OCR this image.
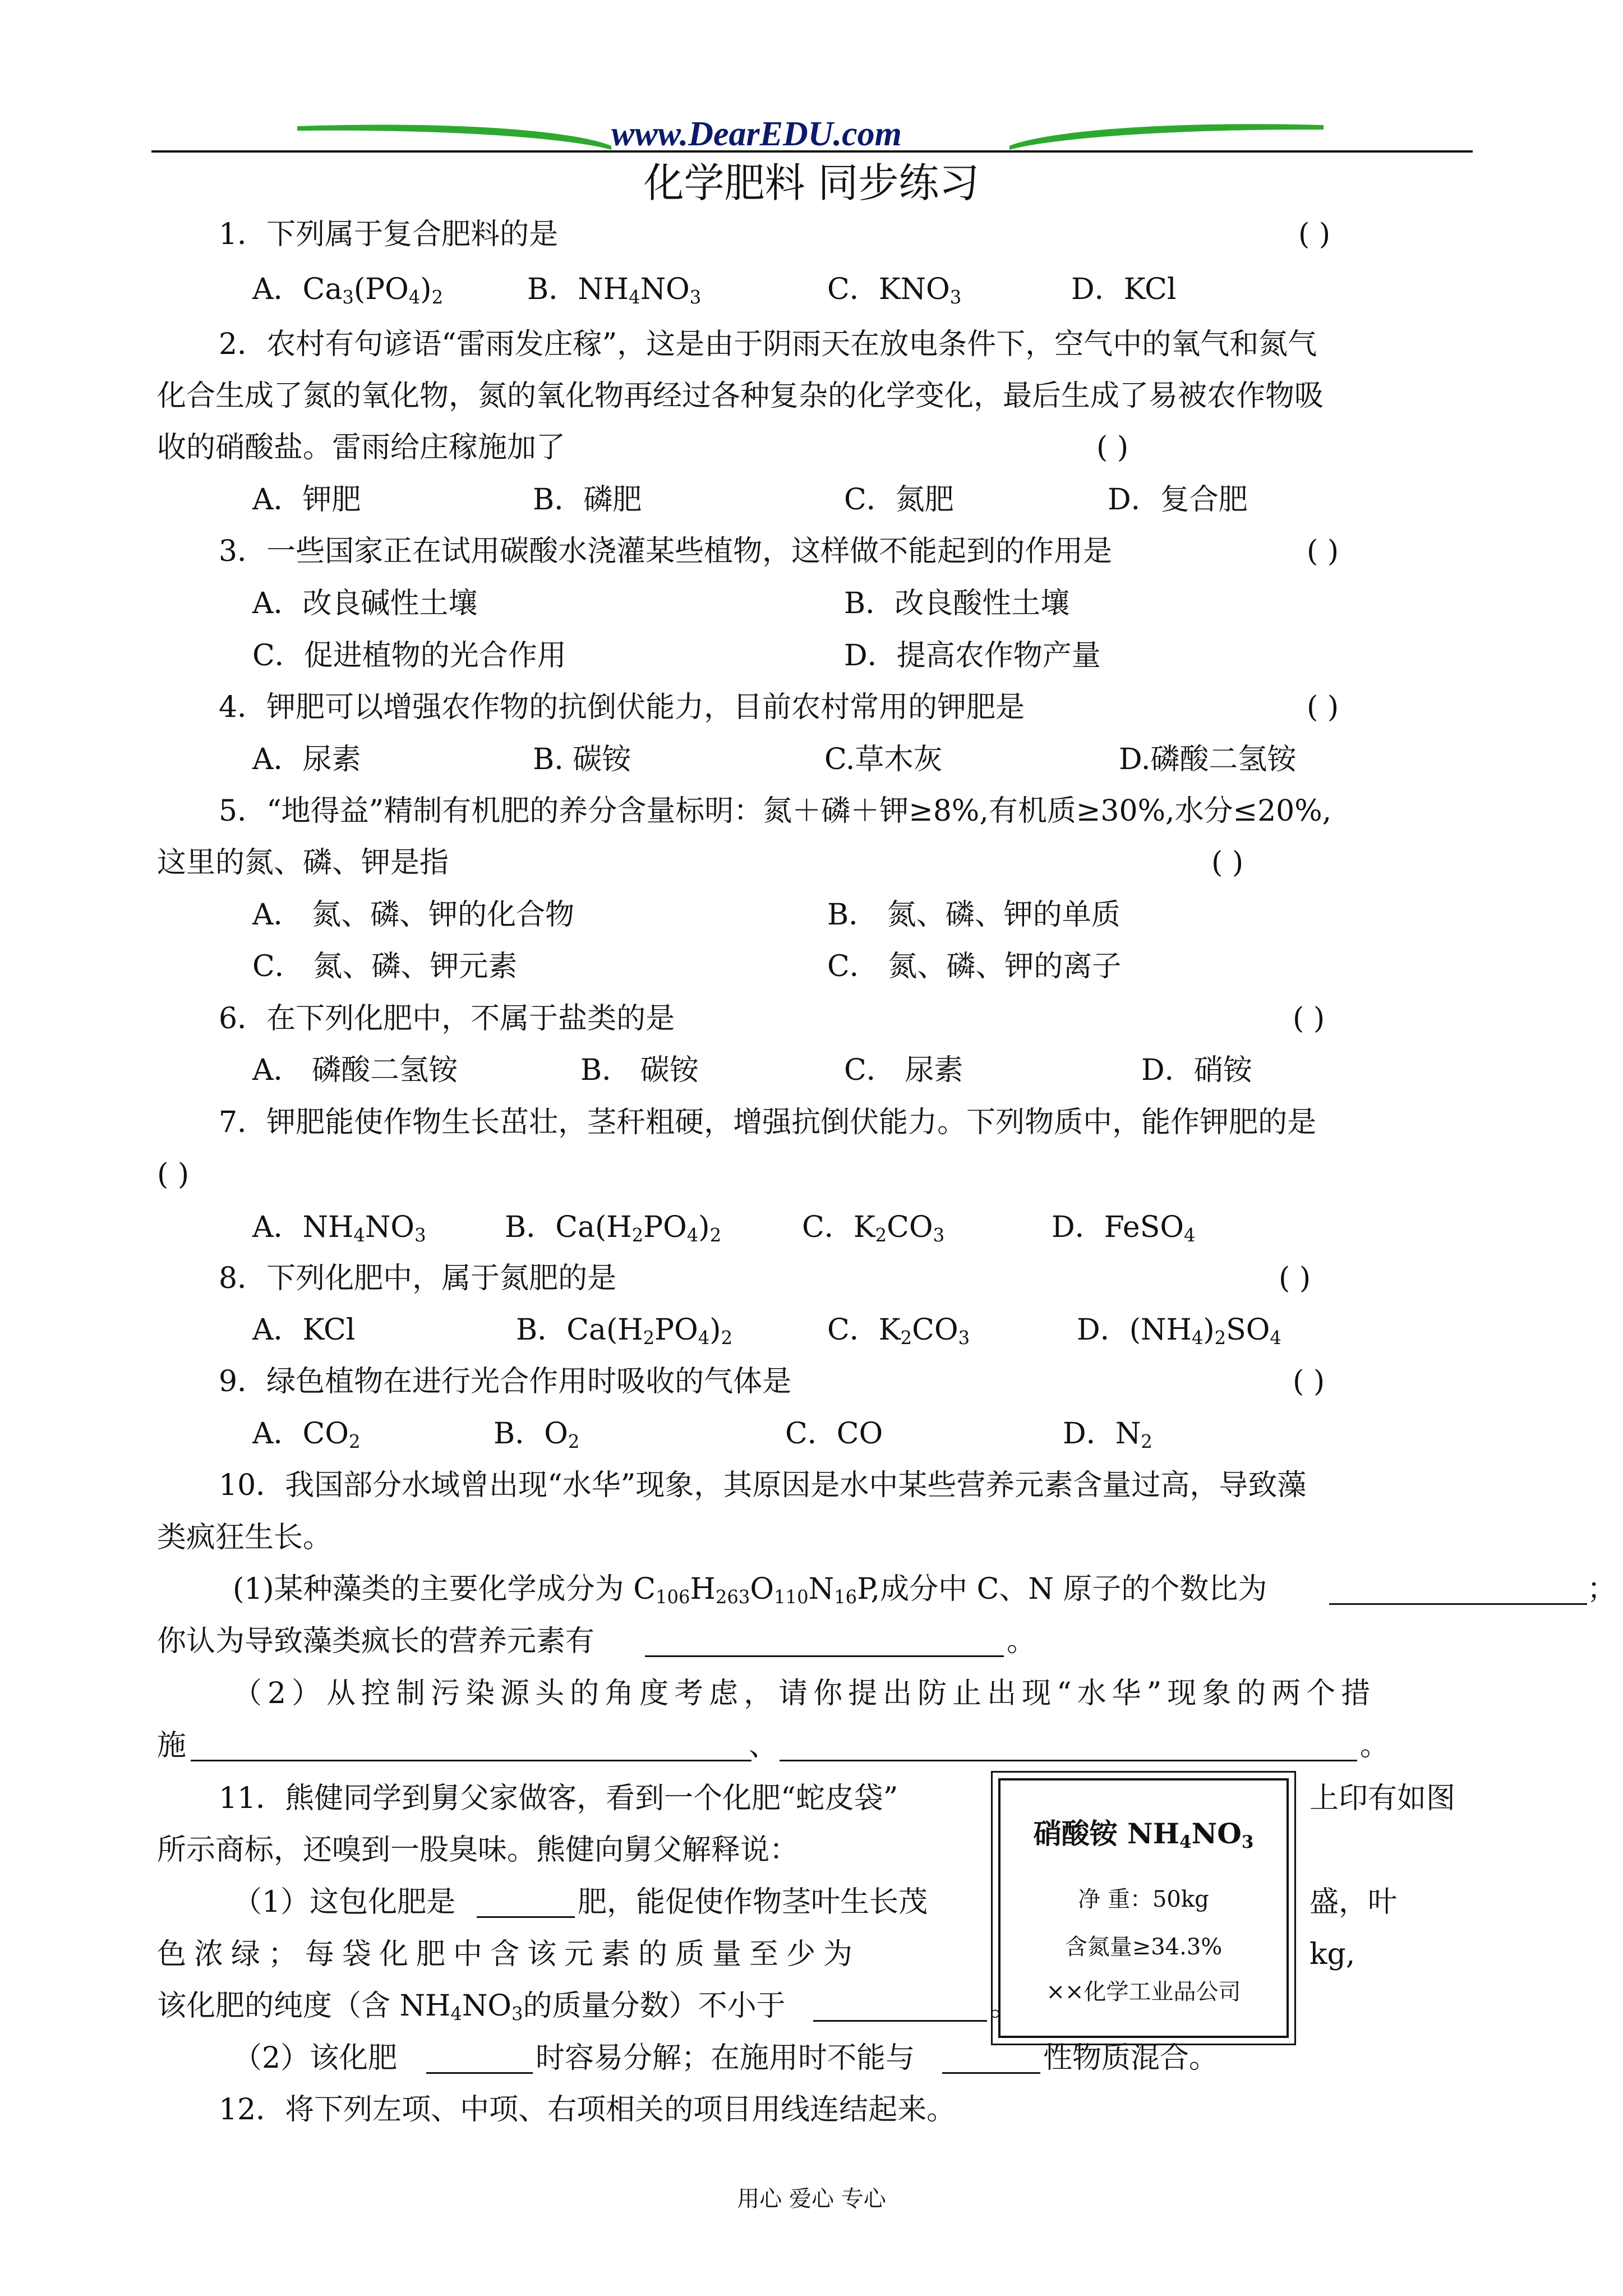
www.DearEDU.com
化学肥料 同步练习
1．下列属于复合肥料的是	( )
A．$Ca_3(PO_4)_2$	B．$NH_4NO_3$	C．$KNO_3$	D．KCl
2．农村有句谚语“雷雨发庄稼”，这是由于阴雨天在放电条件下，空气中的氧气和氮气
化合生成了氮的氧化物，氮的氧化物再经过各种复杂的化学变化，最后生成了易被农作物吸
收的硝酸盐。雷雨给庄稼施加了	( )
A．钾肥	B．磷肥	C．氮肥	D．复合肥
3．一些国家正在试用碳酸水浇灌某些植物，这样做不能起到的作用是	( )
A．改良碱性土壤	B．改良酸性土壤
C．促进植物的光合作用	D．提高农作物产量
4．钾肥可以增强农作物的抗倒伏能力，目前农村常用的钾肥是	( )
A．尿素	B. 碳铵	C.草木灰	D.磷酸二氢铵
5．“地得益”精制有机肥的养分含量标明：氮＋磷＋钾≥8%,有机质≥30%,水分≤20%,
这里的氮、磷、钾是指	( )
A． 氮、磷、钾的化合物	B． 氮、磷、钾的单质
C． 氮、磷、钾元素	C． 氮、磷、钾的离子
6．在下列化肥中，不属于盐类的是	( )
A． 磷酸二氢铵	B． 碳铵	C． 尿素	D．硝铵
7．钾肥能使作物生长茁壮，茎秆粗硬，增强抗倒伏能力。下列物质中，能作钾肥的是
( )
A．$NH_4NO_3$	B．$Ca(H_2PO_4)_2$	C．$K_2CO_3$	D．FeSO$_4$
8．下列化肥中，属于氮肥的是	( )
A．KCl	B．$Ca(H_2PO_4)_2$	C．$K_2CO_3$	D．$(NH_4)_2SO_4$
9．绿色植物在进行光合作用时吸收的气体是	( )
A．$CO_2$	B．$O_2$	C．CO	D．$N_2$
10．我国部分水域曾出现“水华”现象，其原因是水中某些营养元素含量过高，导致藻
类疯狂生长。
(1)某种藻类的主要化学成分为 $C_{106}H_{263}O_{110}N_{16}P$,成分中 C、N 原子的个数比为	；
你认为导致藻类疯长的营养元素有	。
（2）从控制污染源头的角度考虑，请你提出防止出现“水华”现象的两个措
施	、	。
11．熊健同学到舅父家做客，看到一个化肥“蛇皮袋”	上印有如图
所示商标，还嗅到一股臭味。熊健向舅父解释说：
（1）这包化肥是	肥，能促使作物茎叶生长茂	盛，叶
色浓绿；每袋化肥中含该元素的质量至少为	kg,
该化肥的纯度（含 $NH_4NO_3$的质量分数）不小于	。
（2）该化肥	时容易分解；在施用时不能与	性物质混合。
硝酸铵 $NH_4NO_3$
净 重：50kg
含氮量≥34.3%
××化学工业品公司
12．将下列左项、中项、右项相关的项目用线连结起来。
用心 爱心 专心
